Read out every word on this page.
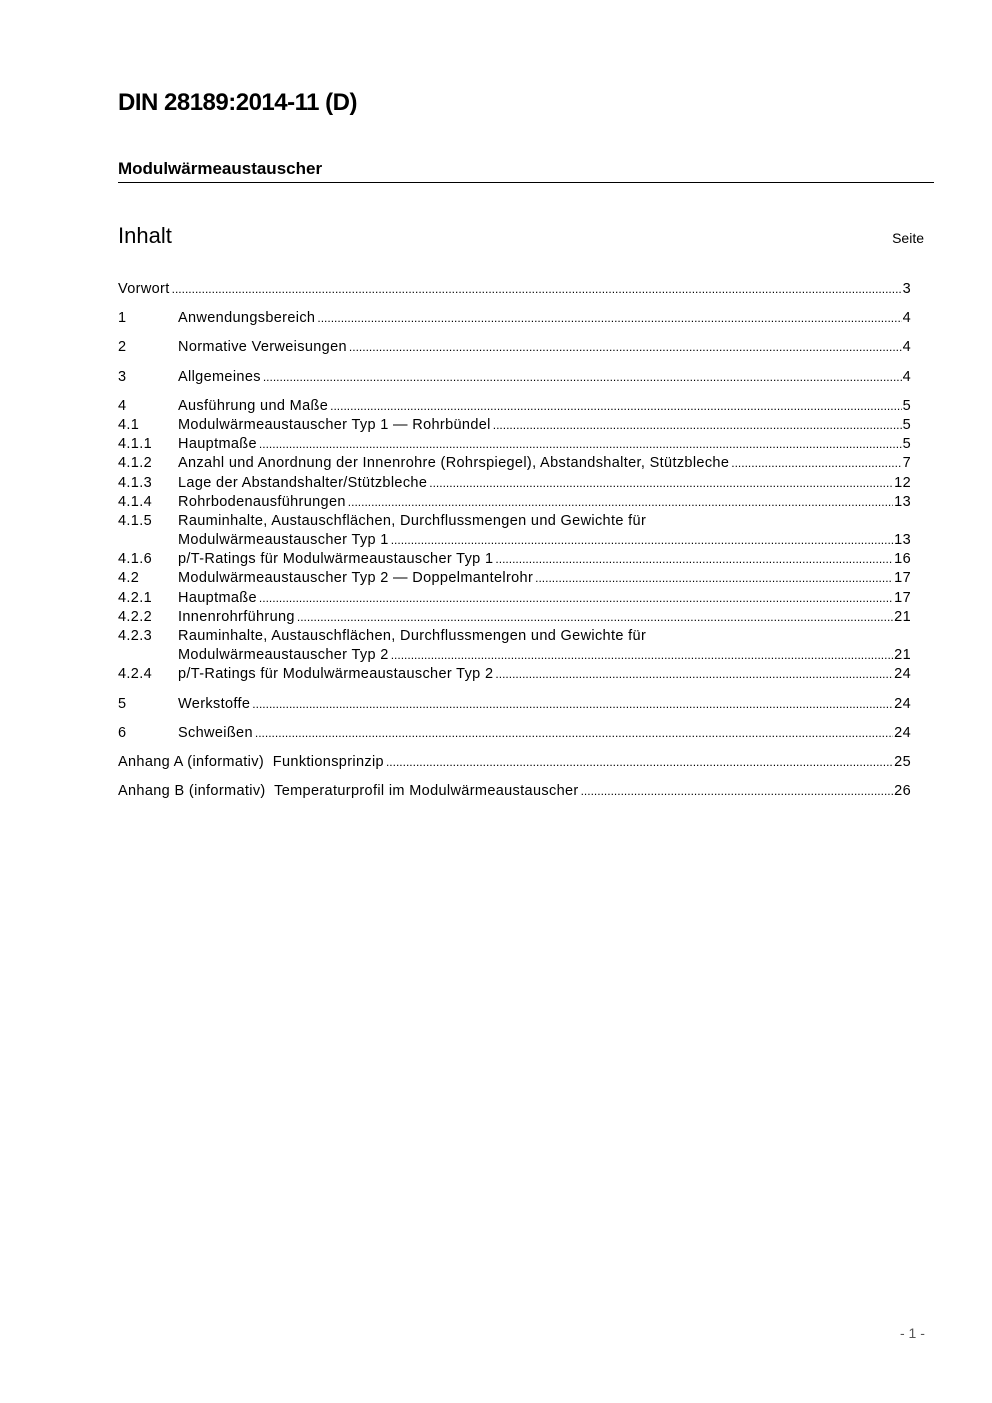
DIN 28189:2014-11 (D)
Modulwärmeaustauscher
Inhalt	Seite
Vorwort .....	3
1	Anwendungsbereich .....	4
2	Normative Verweisungen .....	4
3	Allgemeines .....	4
4	Ausführung und Maße .....	5
4.1	Modulwärmeaustauscher Typ 1 — Rohrbündel .....	5
4.1.1 Hauptmaße .....	5
4.1.2 Anzahl und Anordnung der Innenrohre (Rohrspiegel), Abstandshalter, Stützbleche .....	7
4.1.3 Lage der Abstandshalter/Stützbleche .....	12
4.1.4 Rohrbodenausführungen .....	13
4.1.5 Rauminhalte, Austauschflächen, Durchflussmengen und Gewichte für
Modulwärmeaustauscher Typ 1 .....	13
4.1.6 p/T-Ratings für Modulwärmeaustauscher Typ 1 .....	16
4.2	Modulwärmeaustauscher Typ 2 — Doppelmantelrohr .....	17
4.2.1 Hauptmaße .....	17
4.2.2 Innenrohrführung .....	21
4.2.3 Rauminhalte, Austauschflächen, Durchflussmengen und Gewichte für
Modulwärmeaustauscher Typ 2 .....	21
4.2.4 p/T-Ratings für Modulwärmeaustauscher Typ 2 .....	24
5	Werkstoffe .....	24
6	Schweißen .....	24
Anhang A (informativ) Funktionsprinzip .....	25
Anhang B (informativ) Temperaturprofil im Modulwärmeaustauscher .....	26
- 1 -
